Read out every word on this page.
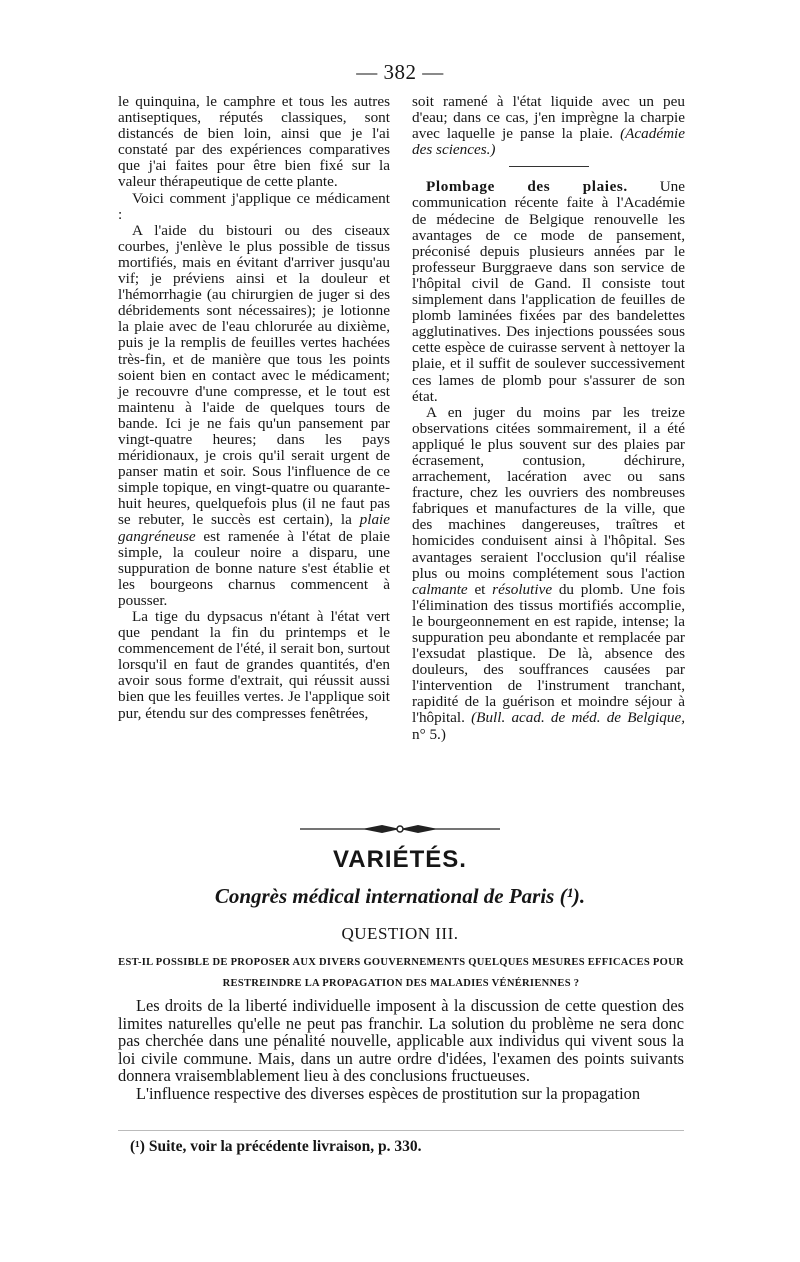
— 382 —

le quinquina, le camphre et tous les autres antiseptiques, réputés classiques, sont distancés de bien loin, ainsi que je l'ai constaté par des expériences comparatives que j'ai faites pour être bien fixé sur la valeur thérapeutique de cette plante.

Voici comment j'applique ce médicament :

A l'aide du bistouri ou des ciseaux courbes, j'enlève le plus possible de tissus mortifiés, mais en évitant d'arriver jusqu'au vif; je préviens ainsi et la douleur et l'hémorrhagie (au chirurgien de juger si des débridements sont nécessaires); je lotionne la plaie avec de l'eau chlorurée au dixième, puis je la remplis de feuilles vertes hachées très-fin, et de manière que tous les points soient bien en contact avec le médicament; je recouvre d'une compresse, et le tout est maintenu à l'aide de quelques tours de bande. Ici je ne fais qu'un pansement par vingt-quatre heures; dans les pays méridionaux, je crois qu'il serait urgent de panser matin et soir. Sous l'influence de ce simple topique, en vingt-quatre ou quarante-huit heures, quelquefois plus (il ne faut pas se rebuter, le succès est certain), la plaie gangréneuse est ramenée à l'état de plaie simple, la couleur noire a disparu, une suppuration de bonne nature s'est établie et les bourgeons charnus commencent à pousser.

La tige du dypsacus n'étant à l'état vert que pendant la fin du printemps et le commencement de l'été, il serait bon, surtout lorsqu'il en faut de grandes quantités, d'en avoir sous forme d'extrait, qui réussit aussi bien que les feuilles vertes. Je l'applique soit pur, étendu sur des compresses fenêtrées,

soit ramené à l'état liquide avec un peu d'eau; dans ce cas, j'en imprègne la charpie avec laquelle je panse la plaie. (Académie des sciences.)

Plombage des plaies. Une communication récente faite à l'Académie de médecine de Belgique renouvelle les avantages de ce mode de pansement, préconisé depuis plusieurs années par le professeur Burggraeve dans son service de l'hôpital civil de Gand. Il consiste tout simplement dans l'application de feuilles de plomb laminées fixées par des bandelettes agglutinatives. Des injections poussées sous cette espèce de cuirasse servent à nettoyer la plaie, et il suffit de soulever successivement ces lames de plomb pour s'assurer de son état.

A en juger du moins par les treize observations citées sommairement, il a été appliqué le plus souvent sur des plaies par écrasement, contusion, déchirure, arrachement, lacération avec ou sans fracture, chez les ouvriers des nombreuses fabriques et manufactures de la ville, que des machines dangereuses, traîtres et homicides conduisent ainsi à l'hôpital. Ses avantages seraient l'occlusion qu'il réalise plus ou moins complétement sous l'action calmante et résolutive du plomb. Une fois l'élimination des tissus mortifiés accomplie, le bourgeonnement en est rapide, intense; la suppuration peu abondante et remplacée par l'exsudat plastique. De là, absence des douleurs, des souffrances causées par l'intervention de l'instrument tranchant, rapidité de la guérison et moindre séjour à l'hôpital. (Bull. acad. de méd. de Belgique, n° 5.)

VARIÉTÉS.
Congrès médical international de Paris (¹).
QUESTION III.
EST-IL POSSIBLE DE PROPOSER AUX DIVERS GOUVERNEMENTS QUELQUES MESURES EFFICACES POUR RESTREINDRE LA PROPAGATION DES MALADIES VÉNÉRIENNES ?

Les droits de la liberté individuelle imposent à la discussion de cette question des limites naturelles qu'elle ne peut pas franchir. La solution du problème ne sera donc pas cherchée dans une pénalité nouvelle, applicable aux individus qui vivent sous la loi civile commune. Mais, dans un autre ordre d'idées, l'examen des points suivants donnera vraisemblablement lieu à des conclusions fructueuses.

L'influence respective des diverses espèces de prostitution sur la propagation

(¹) Suite, voir la précédente livraison, p. 330.
